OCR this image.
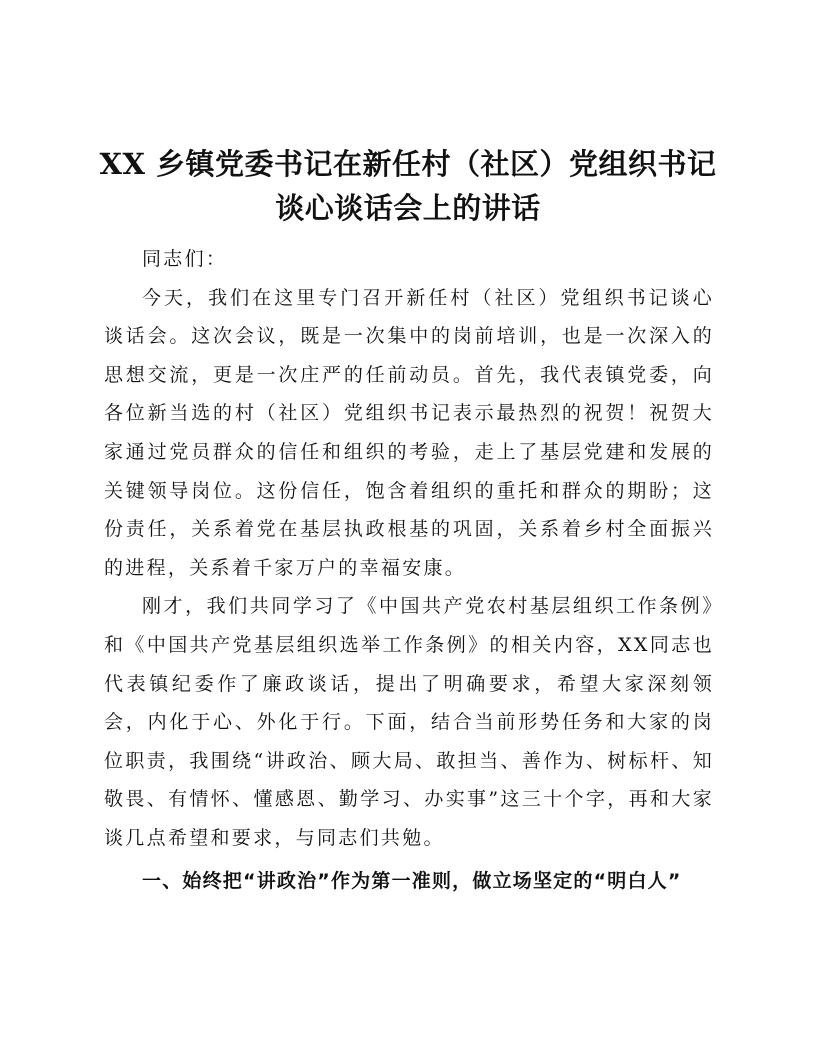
XX 乡镇党委书记在新任村（社区）党组织书记
谈心谈话会上的讲话

同志们：

今天，我们在这里专门召开新任村（社区）党组织书记谈心谈话会。这次会议，既是一次集中的岗前培训，也是一次深入的思想交流，更是一次庄严的任前动员。首先，我代表镇党委，向各位新当选的村（社区）党组织书记表示最热烈的祝贺！祝贺大家通过党员群众的信任和组织的考验，走上了基层党建和发展的关键领导岗位。这份信任，饱含着组织的重托和群众的期盼；这份责任，关系着党在基层执政根基的巩固，关系着乡村全面振兴的进程，关系着千家万户的幸福安康。

刚才，我们共同学习了《中国共产党农村基层组织工作条例》和《中国共产党基层组织选举工作条例》的相关内容，XX同志也代表镇纪委作了廉政谈话，提出了明确要求，希望大家深刻领会，内化于心、外化于行。下面，结合当前形势任务和大家的岗位职责，我围绕“讲政治、顾大局、敢担当、善作为、树标杆、知敬畏、有情怀、懂感恩、勤学习、办实事”这三十个字，再和大家谈几点希望和要求，与同志们共勉。

一、始终把“讲政治”作为第一准则，做立场坚定的“明白人”
